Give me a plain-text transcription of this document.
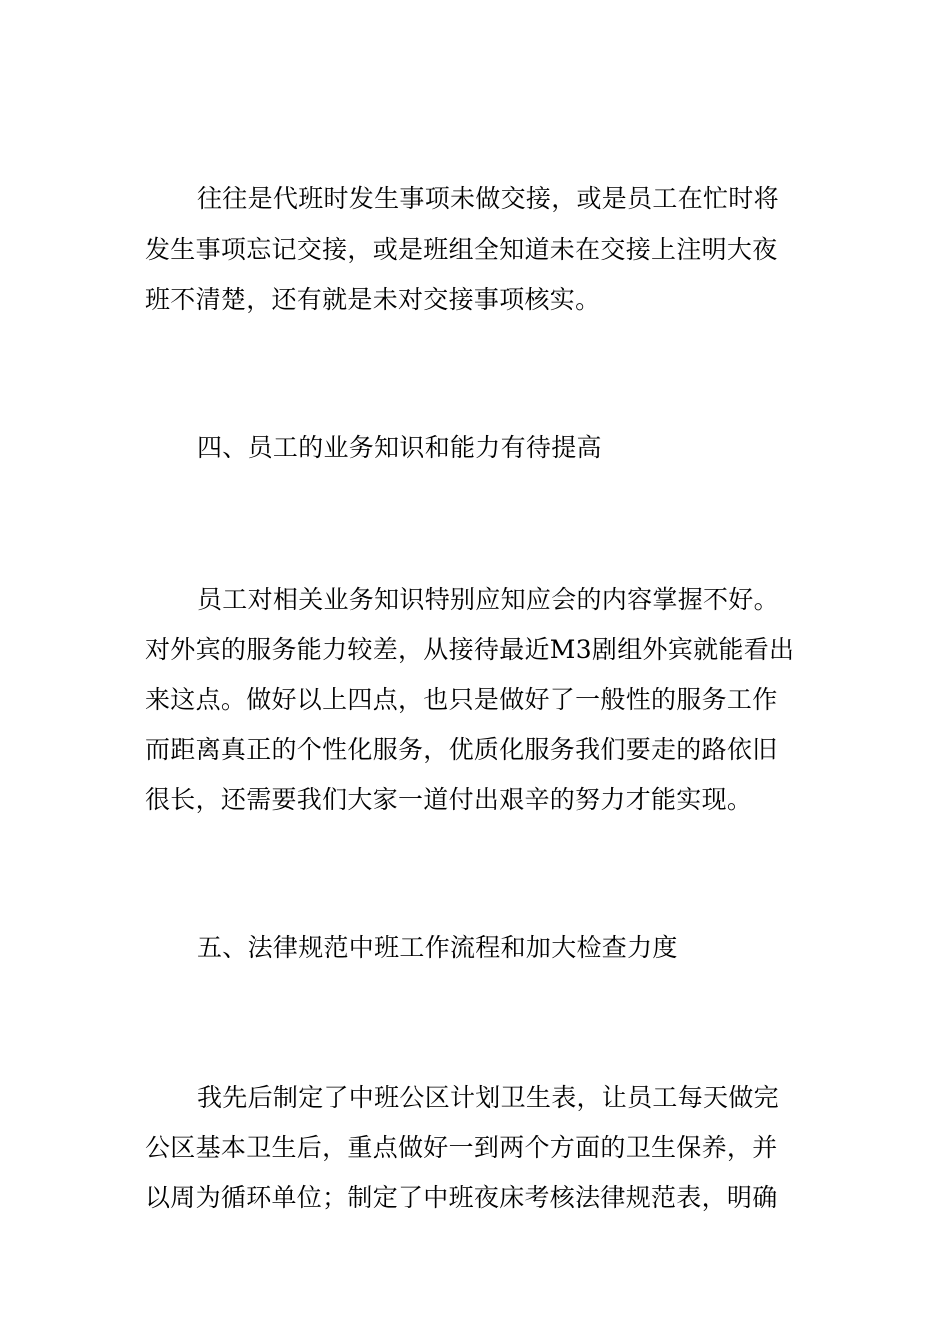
往往是代班时发生事项未做交接，或是员工在忙时将

发生事项忘记交接，或是班组全知道未在交接上注明大夜

班不清楚，还有就是未对交接事项核实。

四、员工的业务知识和能力有待提高

员工对相关业务知识特别应知应会的内容掌握不好。

对外宾的服务能力较差，从接待最近M3剧组外宾就能看出

来这点。做好以上四点，也只是做好了一般性的服务工作

而距离真正的个性化服务，优质化服务我们要走的路依旧

很长，还需要我们大家一道付出艰辛的努力才能实现。

五、法律规范中班工作流程和加大检查力度

我先后制定了中班公区计划卫生表，让员工每天做完

公区基本卫生后，重点做好一到两个方面的卫生保养，并

以周为循环单位；制定了中班夜床考核法律规范表，明确
